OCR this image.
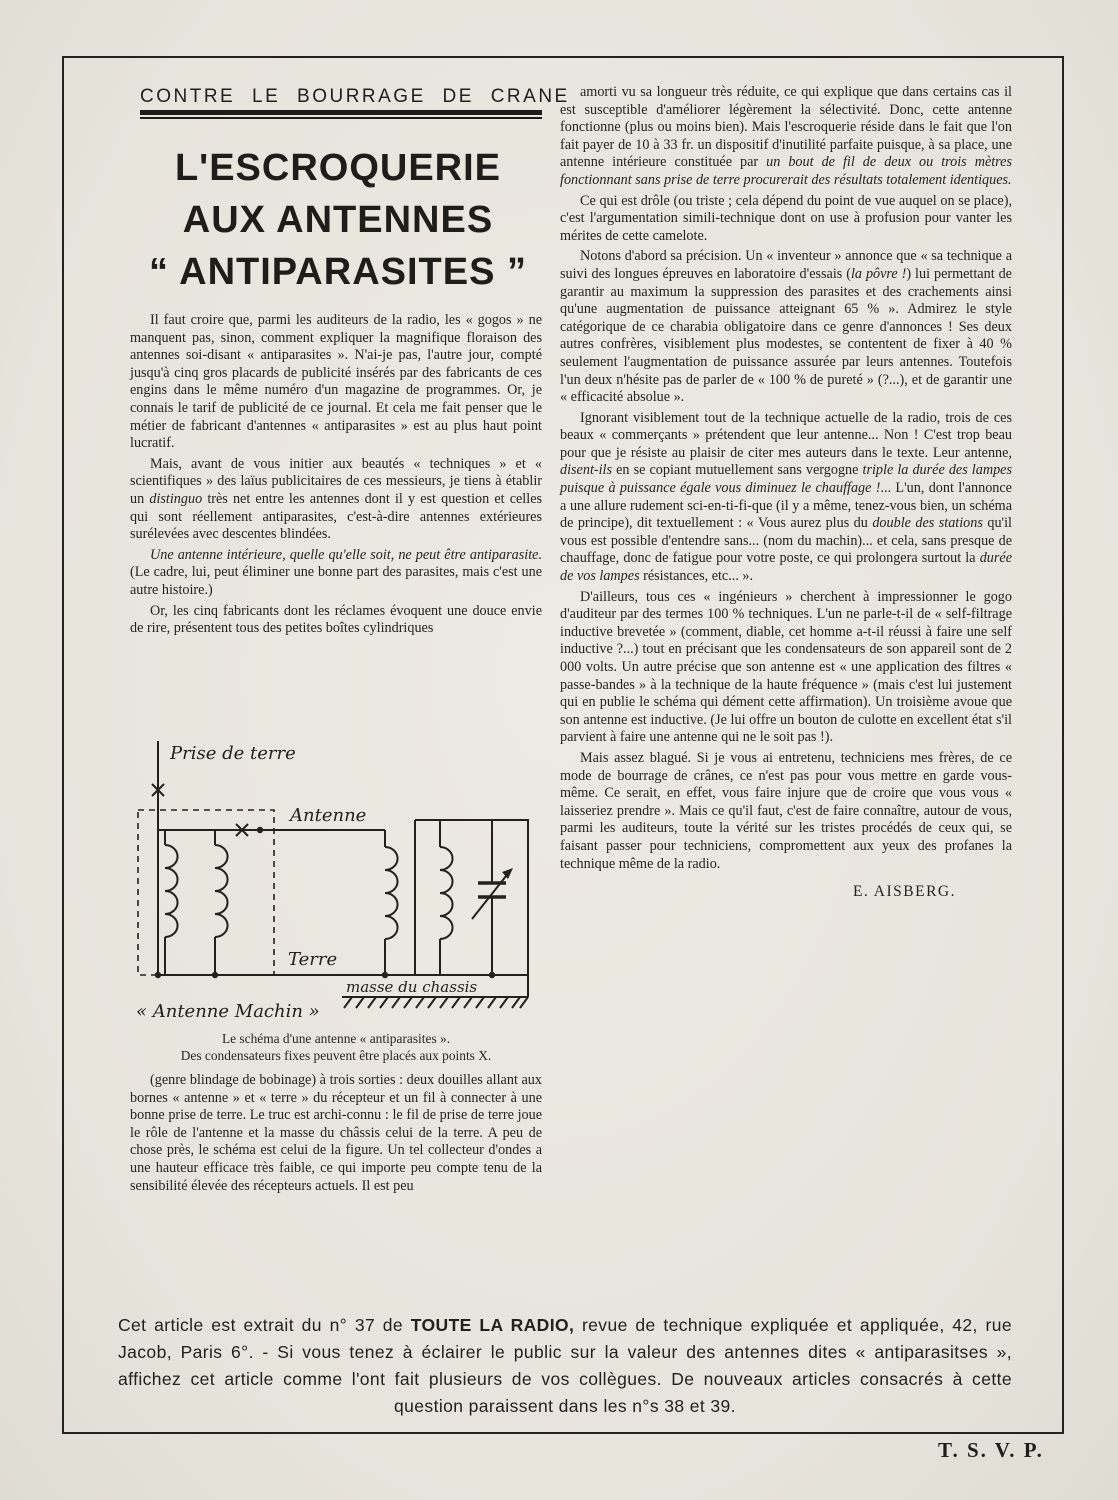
CONTRE LE BOURRAGE DE CRANE
L'ESCROQUERIE
AUX ANTENNES
“ ANTIPARASITES ”

Il faut croire que, parmi les auditeurs de la radio, les « gogos » ne manquent pas, sinon, comment expliquer la magnifique floraison des antennes soi-disant « antiparasites ». N'ai-je pas, l'autre jour, compté jusqu'à cinq gros placards de publicité insérés par des fabricants de ces engins dans le même numéro d'un magazine de programmes. Or, je connais le tarif de publicité de ce journal. Et cela me fait penser que le métier de fabricant d'antennes « antiparasites » est au plus haut point lucratif.

Mais, avant de vous initier aux beautés « techniques » et « scientifiques » des laïus publicitaires de ces messieurs, je tiens à établir un distinguo très net entre les antennes dont il y est question et celles qui sont réellement antiparasites, c'est-à-dire antennes extérieures surélevées avec descentes blindées.

Une antenne intérieure, quelle qu'elle soit, ne peut être antiparasite. (Le cadre, lui, peut éliminer une bonne part des parasites, mais c'est une autre histoire.)

Or, les cinq fabricants dont les réclames évoquent une douce envie de rire, présentent tous des petites boîtes cylindriques

Prise de terre
Antenne
Terre
masse du chassis
« Antenne Machin »
Le schéma d'une antenne « antiparasites ».
Des condensateurs fixes peuvent être placés aux points X.

(genre blindage de bobinage) à trois sorties : deux douilles allant aux bornes « antenne » et « terre » du récepteur et un fil à connecter à une bonne prise de terre. Le truc est archi-connu : le fil de prise de terre joue le rôle de l'antenne et la masse du châssis celui de la terre. A peu de chose près, le schéma est celui de la figure. Un tel collecteur d'ondes a une hauteur efficace très faible, ce qui importe peu compte tenu de la sensibilité élevée des récepteurs actuels. Il est peu

amorti vu sa longueur très réduite, ce qui explique que dans certains cas il est susceptible d'améliorer légèrement la sélectivité. Donc, cette antenne fonctionne (plus ou moins bien). Mais l'escroquerie réside dans le fait que l'on fait payer de 10 à 33 fr. un dispositif d'inutilité parfaite puisque, à sa place, une antenne intérieure constituée par un bout de fil de deux ou trois mètres fonctionnant sans prise de terre procurerait des résultats totalement identiques.

Ce qui est drôle (ou triste ; cela dépend du point de vue auquel on se place), c'est l'argumentation simili-technique dont on use à profusion pour vanter les mérites de cette camelote.

Notons d'abord sa précision. Un « inventeur » annonce que « sa technique a suivi des longues épreuves en laboratoire d'essais (la pôvre !) lui permettant de garantir au maximum la suppression des parasites et des crachements ainsi qu'une augmentation de puissance atteignant 65 % ». Admirez le style catégorique de ce charabia obligatoire dans ce genre d'annonces ! Ses deux autres confrères, visiblement plus modestes, se contentent de fixer à 40 % seulement l'augmentation de puissance assurée par leurs antennes. Toutefois l'un deux n'hésite pas de parler de « 100 % de pureté » (?...), et de garantir une « efficacité absolue ».

Ignorant visiblement tout de la technique actuelle de la radio, trois de ces beaux « commerçants » prétendent que leur antenne... Non ! C'est trop beau pour que je résiste au plaisir de citer mes auteurs dans le texte. Leur antenne, disent-ils en se copiant mutuellement sans vergogne triple la durée des lampes puisque à puissance égale vous diminuez le chauffage !... L'un, dont l'annonce a une allure rudement sci-en-ti-fi-que (il y a même, tenez-vous bien, un schéma de principe), dit textuellement : « Vous aurez plus du double des stations qu'il vous est possible d'entendre sans... (nom du machin)... et cela, sans presque de chauffage, donc de fatigue pour votre poste, ce qui prolongera surtout la durée de vos lampes résistances, etc... ».

D'ailleurs, tous ces « ingénieurs » cherchent à impressionner le gogo d'auditeur par des termes 100 % techniques. L'un ne parle-t-il de « self-filtrage inductive brevetée » (comment, diable, cet homme a-t-il réussi à faire une self inductive ?...) tout en précisant que les condensateurs de son appareil sont de 2 000 volts. Un autre précise que son antenne est « une application des filtres « passe-bandes » à la technique de la haute fréquence » (mais c'est lui justement qui en publie le schéma qui dément cette affirmation). Un troisième avoue que son antenne est inductive. (Je lui offre un bouton de culotte en excellent état s'il parvient à faire une antenne qui ne le soit pas !).

Mais assez blagué. Si je vous ai entretenu, techniciens mes frères, de ce mode de bourrage de crânes, ce n'est pas pour vous mettre en garde vous-même. Ce serait, en effet, vous faire injure que de croire que vous vous « laisseriez prendre ». Mais ce qu'il faut, c'est de faire connaître, autour de vous, parmi les auditeurs, toute la vérité sur les tristes procédés de ceux qui, se faisant passer pour techniciens, compromettent aux yeux des profanes la technique même de la radio.

E. AISBERG.

Cet article est extrait du n° 37 de TOUTE LA RADIO, revue de technique expliquée et appliquée, 42, rue Jacob, Paris 6°. - Si vous tenez à éclairer le public sur la valeur des antennes dites « antiparasitses », affichez cet article comme l'ont fait plusieurs de vos collègues. De nouveaux articles consacrés à cette question paraissent dans les n°s 38 et 39.

T. S. V. P.
